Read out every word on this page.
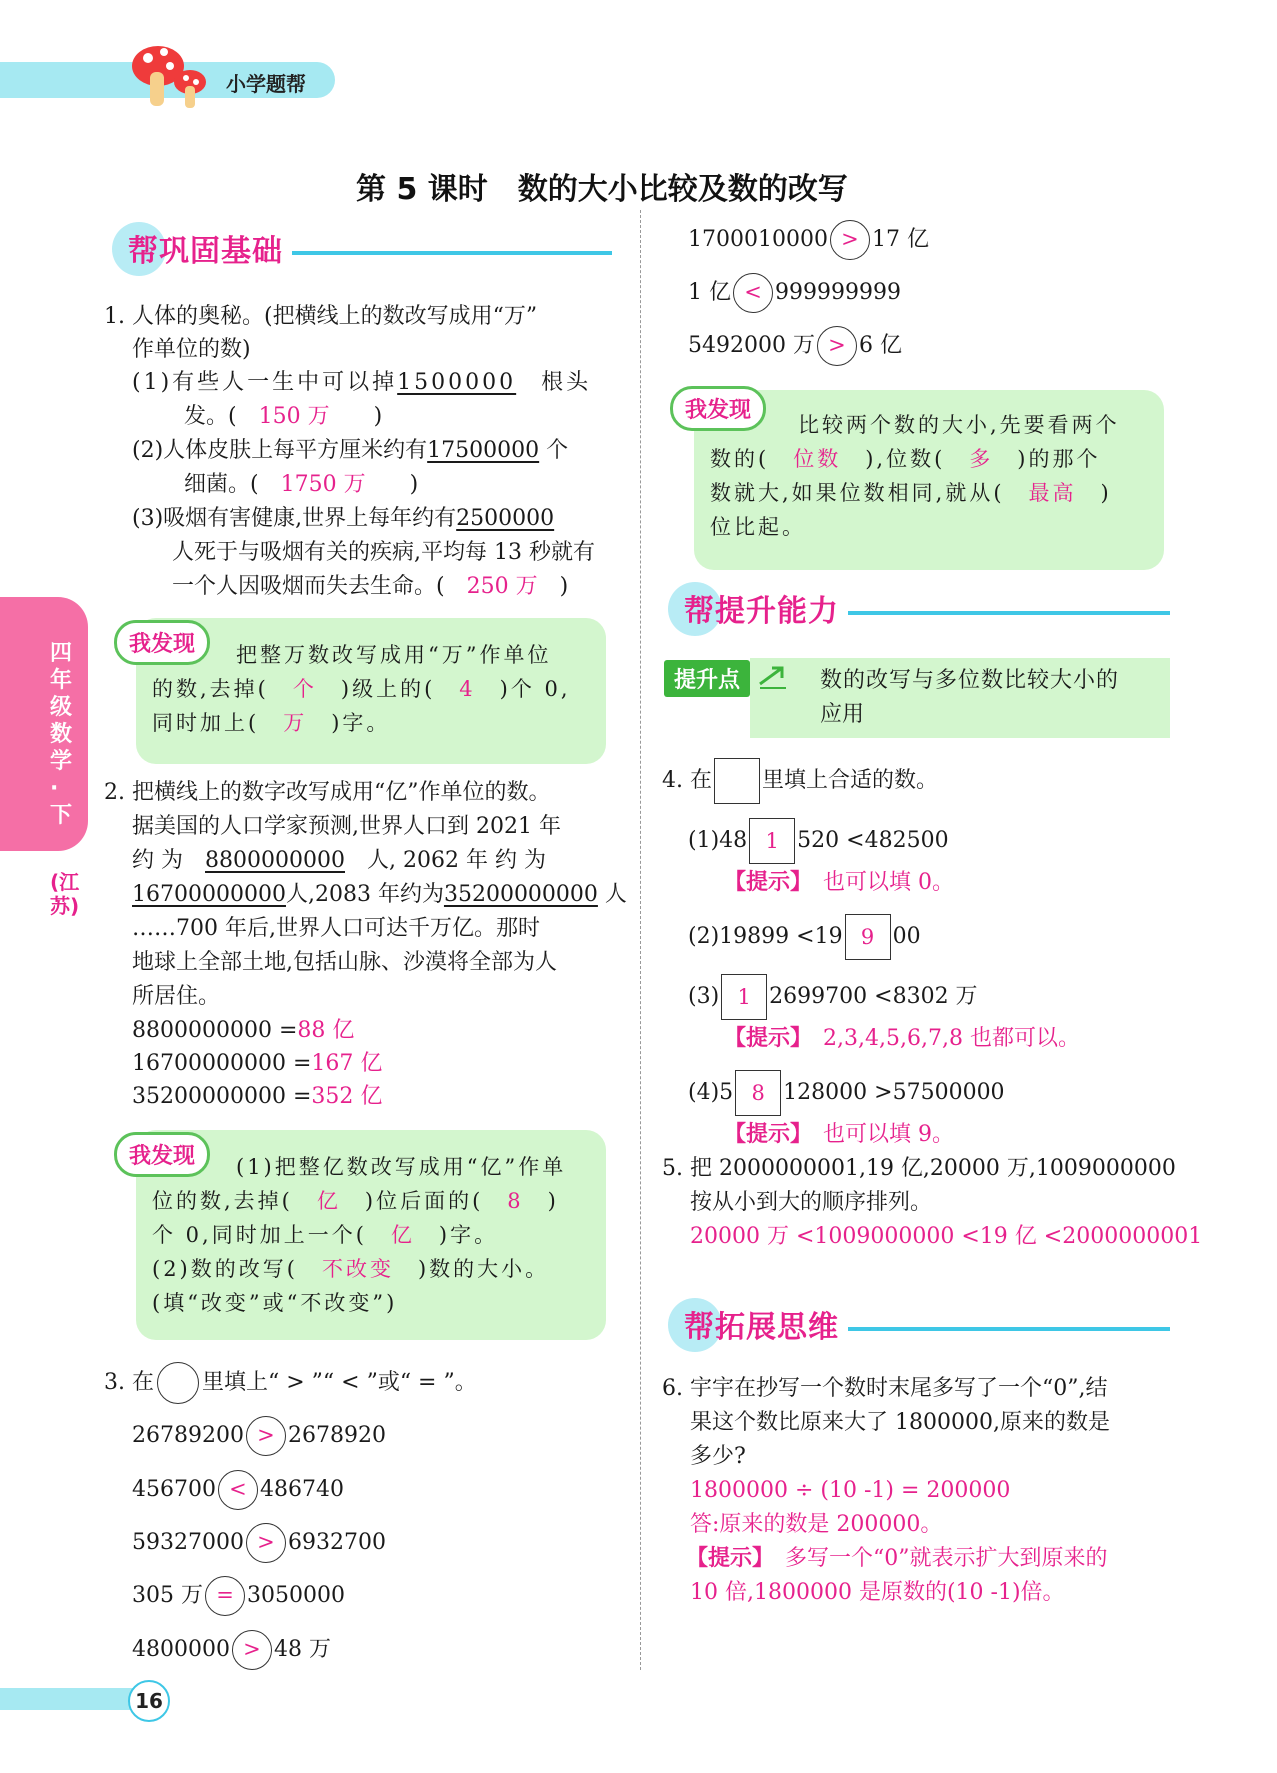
小学题帮
第 5 课时　数的大小比较及数的改写
四年级数学·下
(江苏)
帮巩固基础
1. 人体的奥秘。(把横线上的数改写成用“万”
作单位的数)
(1)有些人一生中可以掉1500000　 根头
发。(　 150 万　　 )
(2)人体皮肤上每平方厘米约有17500000 个
细菌。(　 1750 万　　 )
(3)吸烟有害健康,世界上每年约有2500000
人死于与吸烟有关的疾病,平均每 13 秒就有
一个人因吸烟而失去生命。(　 250 万　 )
我发现	把整万数改写成用“万”作单位
的数,去掉(　 个　 )级上的(　 4　 )个 0,
同时加上(　 万　 )字。
2. 把横线上的数字改写成用“亿”作单位的数。
据美国的人口学家预测,世界人口到 2021 年
约 为　 8800000000　 人, 2062 年 约 为
16700000000人,2083 年约为35200000000 人
……700 年后,世界人口可达千万亿。那时
地球上全部土地,包括山脉、沙漠将全部为人
所居住。
8800000000 =88 亿
16700000000 =167 亿
35200000000 =352 亿
我发现	(1)把整亿数改写成用“亿”作单
位的数,去掉(　 亿　 )位后面的(　 8　 )
个 0,同时加上一个(　 亿　 )字。
(2)数的改写(　 不改变　 )数的大小。
(填“改变”或“不改变”)
3. 在 里填上“ > ”“ < ”或“ = ”。
26789200 > 2678920
456700 < 486740
59327000 > 6932700
305 万 = 3050000
4800000 > 48 万
1700010000 > 17 亿
1 亿 < 999999999
5492000 万 > 6 亿
我发现
比较两个数的大小,先要看两个
数的(　 位数　 ),位数(　 多　 )的那个
数就大,如果位数相同,就从(　 最高　 )
位比起。
帮提升能力
提升点	数的改写与多位数比较大小的
应用
4. 在 里填上合适的数。
(1)48 1 520 <482500
【提示】　 也可以填 0。
(2)19899 <19 9 00
(3) 1 2699700 <8302 万
【提示】　 2,3,4,5,6,7,8 也都可以。
(4)5 8 128000 >57500000
【提示】　 也可以填 9。
5. 把 2000000001,19 亿,20000 万,1009000000
按从小到大的顺序排列。
20000 万 <1009000000 <19 亿 <2000000001
帮拓展思维
6. 宇宇在抄写一个数时末尾多写了一个“0”,结
果这个数比原来大了 1800000,原来的数是
多少?
1800000 ÷ (10 -1) = 200000
答:原来的数是 200000。
【提示】　 多写一个“0”就表示扩大到原来的
10 倍,1800000 是原数的(10 -1)倍。
16
